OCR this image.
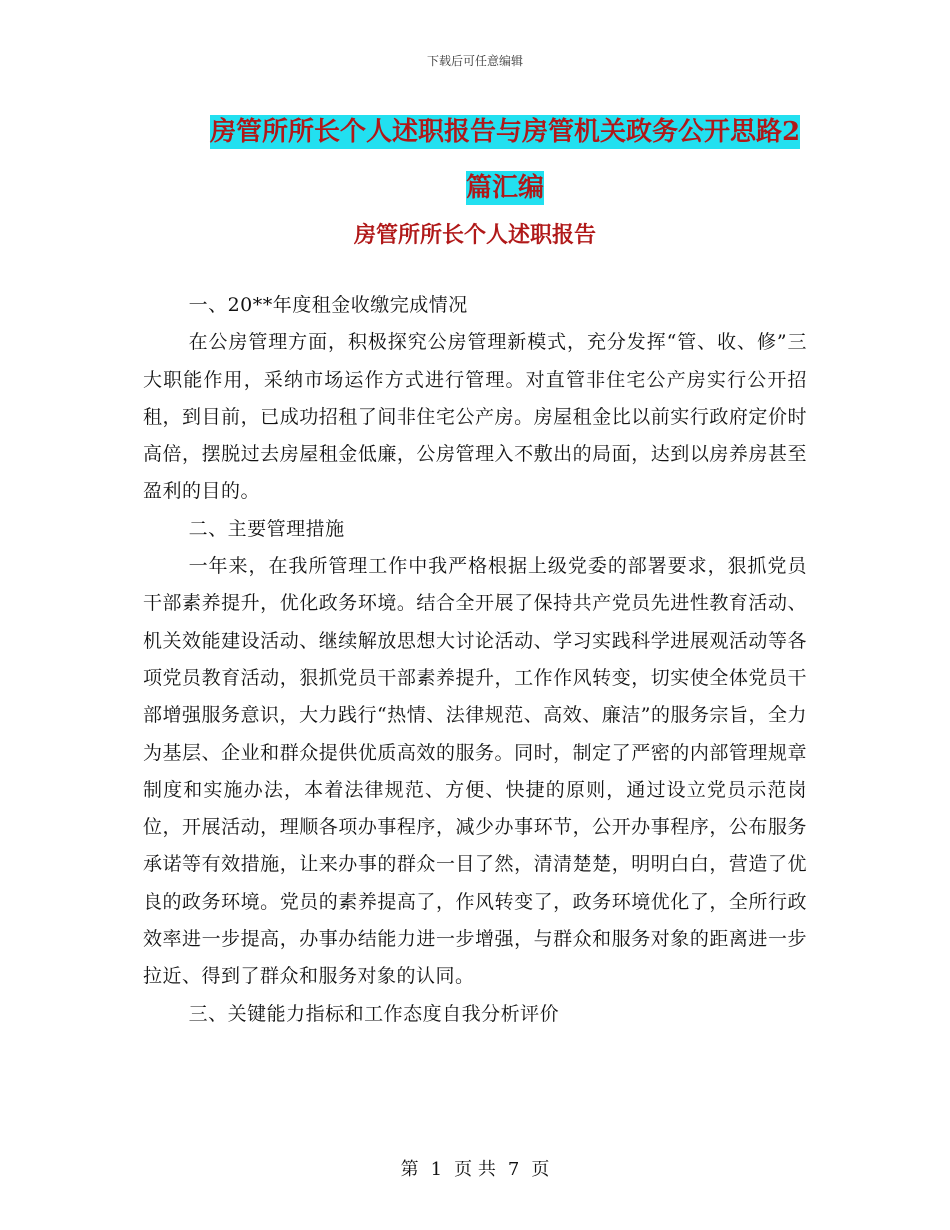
下载后可任意编辑
房管所所长个人述职报告与房管机关政务公开思路2
篇汇编
房管所所长个人述职报告

一、20**年度租金收缴完成情况

在公房管理方面，积极探究公房管理新模式，充分发挥“管、收、修”三大职能作用，采纳市场运作方式进行管理。对直管非住宅公产房实行公开招租，到目前，已成功招租了间非住宅公产房。房屋租金比以前实行政府定价时高倍，摆脱过去房屋租金低廉，公房管理入不敷出的局面，达到以房养房甚至盈利的目的。

二、主要管理措施

一年来，在我所管理工作中我严格根据上级党委的部署要求，狠抓党员干部素养提升，优化政务环境。结合全开展了保持共产党员先进性教育活动、机关效能建设活动、继续解放思想大讨论活动、学习实践科学进展观活动等各项党员教育活动，狠抓党员干部素养提升，工作作风转变，切实使全体党员干部增强服务意识，大力践行“热情、法律规范、高效、廉洁”的服务宗旨，全力为基层、企业和群众提供优质高效的服务。同时，制定了严密的内部管理规章制度和实施办法，本着法律规范、方便、快捷的原则，通过设立党员示范岗位，开展活动，理顺各项办事程序，减少办事环节，公开办事程序，公布服务承诺等有效措施，让来办事的群众一目了然，清清楚楚，明明白白，营造了优良的政务环境。党员的素养提高了，作风转变了，政务环境优化了，全所行政效率进一步提高，办事办结能力进一步增强，与群众和服务对象的距离进一步拉近、得到了群众和服务对象的认同。

三、关键能力指标和工作态度自我分析评价

第 1 页 共 7 页
